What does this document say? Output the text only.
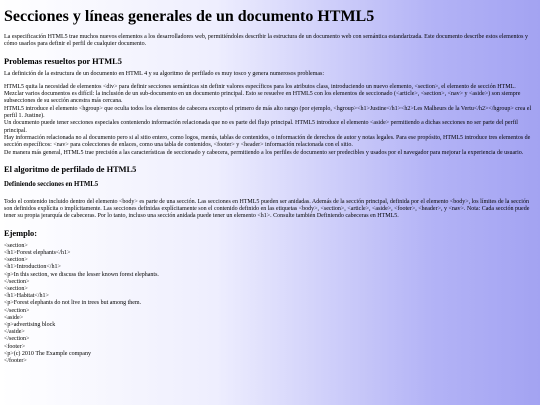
Secciones y líneas generales de un documento HTML5

La especificación HTML5 trae muchos nuevos elementos a los desarrolladores web, permitiéndoles describir la estructura de un documento web con semántica estandarizada. Este documento describe estos elementos y cómo usarlos para definir el perfil de cualquier documento.

Problemas resueltos por HTML5

La definición de la estructura de un documento en HTML 4 y su algoritmo de perfilado es muy tosco y genera numerosos problemas:

HTML5 quita la necesidad de elementos <div> para definir secciones semánticas sin definir valores específicos para los atributos class, introduciendo un nuevo elemento, <section>, el elemento de sección HTML.
Mezclar varios documentos es difícil: la inclusión de un sub-documento en un documento principal. Esto se resuelve en HTML5 con los elementos de seccionado (<article>, <section>, <nav> y <aside>) son siempre subsecciones de su sección ancestra más cercana.
HTML5 introduce el elemento <hgroup> que oculta todos los elementos de cabecera excepto el primero de más alto rango (por ejemplo, <hgroup><h1>Justine</h1><h2>Les Malheurs de la Vertu</h2></hgroup> crea el perfil 1. Justine).
Un documento puede tener secciones especiales conteniendo información relacionada que no es parte del flujo principal. HTML5 introduce el elemento <aside> permitiendo a dichas secciones no ser parte del perfil principal.
Hay información relacionada no al documento pero si al sitio entero, como logos, menús, tablas de contenidos, o información de derechos de autor y notas legales. Para ese propósito, HTML5 introduce tres elementos de sección específicos: <nav> para colecciones de enlaces, como una tabla de contenidos, <footer> y <header> información relacionada con el sitio.
De manera más general, HTML5 trae precisión a las características de seccionado y cabecera, permitiendo a los perfiles de documento ser predecibles y usados por el navegador para mejorar la experiencia de usuario.
El algoritmo de perfilado de HTML5
Definiendo secciones en HTML5

Todo el contenido incluido dentro del elemento <body> es parte de una sección. Las secciones en HTML5 pueden ser anidadas. Además de la sección principal, definida por el elemento <body>, los límites de la sección son definidos explícita o implícitamente. Las secciones definidas explícitamente son el contenido definido en las etiquetas <body>, <section>, <article>, <aside>, <footer>, <header>, y <nav>. Nota: Cada sección puede tener su propia jerarquía de cabeceras. Por lo tanto, incluso una sección anidada puede tener un elemento <h1>. Consulte también Definiendo cabeceras en HTML5.

Ejemplo:
<section>
<h1>Forest elephants</h1>
<section>
<h1>Introduction</h1>
<p>In this section, we discuss the lesser known forest elephants.
</section>
<section>
<h1>Habitat</h1>
<p>Forest elephants do not live in trees but among them.
</section>
<aside>
<p>advertising block
</aside>
</section>
<footer>
<p>(c) 2010 The Example company
</footer>
